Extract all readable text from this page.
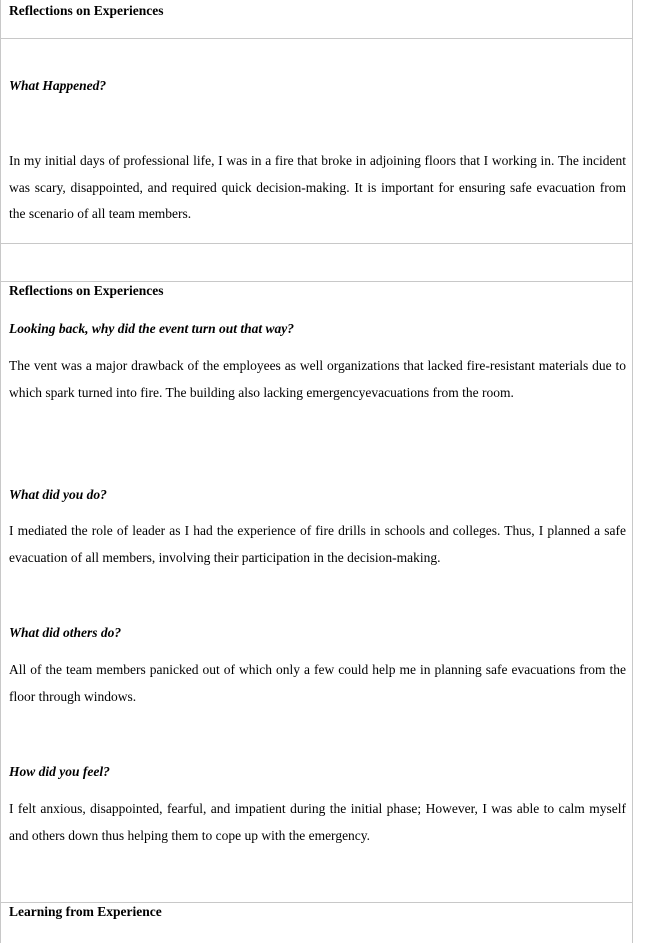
Reflections on Experiences

What Happened?

In my initial days of professional life, I was in a fire that broke in adjoining floors that I working in. The incident was scary, disappointed, and required quick decision-making. It is important for ensuring safe evacuation from the scenario of all team members.

Reflections on Experiences

Looking back, why did the event turn out that way?

The vent was a major drawback of the employees as well organizations that lacked fire-resistant materials due to which spark turned into fire. The building also lacking emergencyevacuations from the room.

What did you do?

I mediated the role of leader as I had the experience of fire drills in schools and colleges. Thus, I planned a safe evacuation of all members, involving their participation in the decision-making.

What did others do?

All of the team members panicked out of which only a few could help me in planning safe evacuations from the floor through windows.

How did you feel?

I felt anxious, disappointed, fearful, and impatient during the initial phase; However, I was able to calm myself and others down thus helping them to cope up with the emergency.

Learning from Experience
